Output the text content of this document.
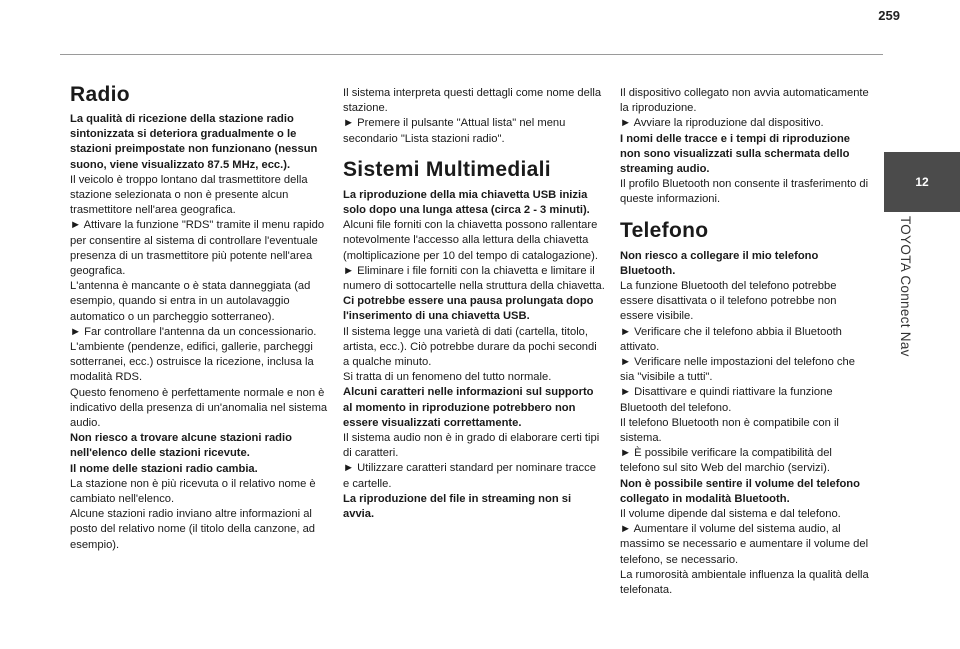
259
12
TOYOTA Connect Nav
Radio

La qualità di ricezione della stazione radio sintonizzata si deteriora gradualmente o le stazioni preimpostate non funzionano (nessun suono, viene visualizzato 87.5 MHz, ecc.).

Il veicolo è troppo lontano dal trasmettitore della stazione selezionata o non è presente alcun trasmettitore nell'area geografica.

► Attivare la funzione "RDS" tramite il menu rapido per consentire al sistema di controllare l'eventuale presenza di un trasmettitore più potente nell'area geografica.

L'antenna è mancante o è stata danneggiata (ad esempio, quando si entra in un autolavaggio automatico o un parcheggio sotterraneo).

► Far controllare l'antenna da un concessionario.

L'ambiente (pendenze, edifici, gallerie, parcheggi sotterranei, ecc.) ostruisce la ricezione, inclusa la modalità RDS.

Questo fenomeno è perfettamente normale e non è indicativo della presenza di un'anomalia nel sistema audio.

Non riesco a trovare alcune stazioni radio nell'elenco delle stazioni ricevute.

Il nome delle stazioni radio cambia.

La stazione non è più ricevuta o il relativo nome è cambiato nell'elenco.

Alcune stazioni radio inviano altre informazioni al posto del relativo nome (il titolo della canzone, ad esempio).

Il sistema interpreta questi dettagli come nome della stazione.

► Premere il pulsante "Attual lista" nel menu secondario "Lista stazioni radio".

Sistemi Multimediali

La riproduzione della mia chiavetta USB inizia solo dopo una lunga attesa (circa 2 - 3 minuti).

Alcuni file forniti con la chiavetta possono rallentare notevolmente l'accesso alla lettura della chiavetta (moltiplicazione per 10 del tempo di catalogazione).

► Eliminare i file forniti con la chiavetta e limitare il numero di sottocartelle nella struttura della chiavetta.

Ci potrebbe essere una pausa prolungata dopo l'inserimento di una chiavetta USB.

Il sistema legge una varietà di dati (cartella, titolo, artista, ecc.). Ciò potrebbe durare da pochi secondi a qualche minuto.

Si tratta di un fenomeno del tutto normale.

Alcuni caratteri nelle informazioni sul supporto al momento in riproduzione potrebbero non essere visualizzati correttamente.

Il sistema audio non è in grado di elaborare certi tipi di caratteri.

► Utilizzare caratteri standard per nominare tracce e cartelle.

La riproduzione del file in streaming non si avvia.

Il dispositivo collegato non avvia automaticamente la riproduzione.

► Avviare la riproduzione dal dispositivo.

I nomi delle tracce e i tempi di riproduzione non sono visualizzati sulla schermata dello streaming audio.

Il profilo Bluetooth non consente il trasferimento di queste informazioni.

Telefono

Non riesco a collegare il mio telefono Bluetooth.

La funzione Bluetooth del telefono potrebbe essere disattivata o il telefono potrebbe non essere visibile.

► Verificare che il telefono abbia il Bluetooth attivato.

► Verificare nelle impostazioni del telefono che sia "visibile a tutti".

► Disattivare e quindi riattivare la funzione Bluetooth del telefono.

Il telefono Bluetooth non è compatibile con il sistema.

► È possibile verificare la compatibilità del telefono sul sito Web del marchio (servizi).

Non è possibile sentire il volume del telefono collegato in modalità Bluetooth.

Il volume dipende dal sistema e dal telefono.

► Aumentare il volume del sistema audio, al massimo se necessario e aumentare il volume del telefono, se necessario.

La rumorosità ambientale influenza la qualità della telefonata.
